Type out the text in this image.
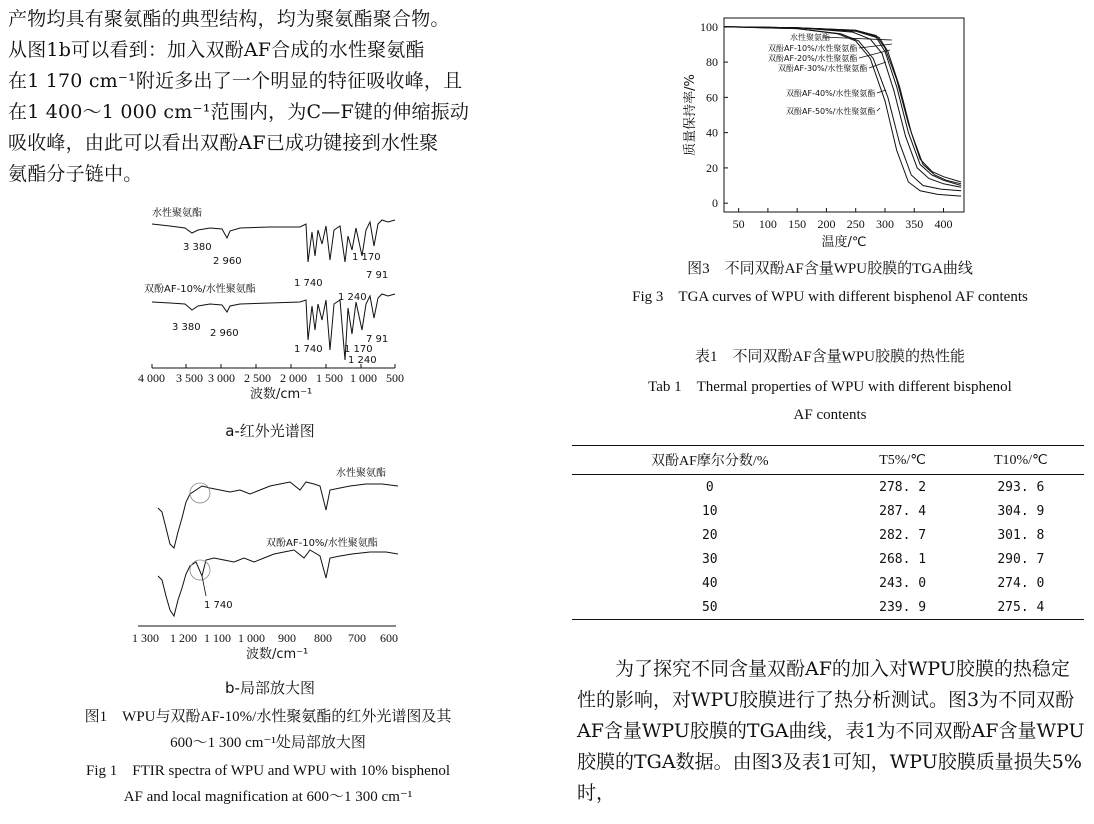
产物均具有聚氨酯的典型结构，均为聚氨酯聚合物。

从图1b可以看到：加入双酚AF合成的水性聚氨酯

在1 170 cm⁻¹附近多出了一个明显的特征吸收峰，且

在1 400～1 000 cm⁻¹范围内，为C—F键的伸缩振动

吸收峰，由此可以看出双酚AF已成功键接到水性聚

氨酯分子链中。

水性聚氨酯
3 380
2 960
1 740
1 240
1 170
7 91
双酚AF-10%/水性聚氨酯
3 380
2 960
1 740 1 170
1 240
7 91
4 000 3 500 3 000 2 500 2 000 1 500 1 000 500
波数/cm⁻¹
a-红外光谱图
水性聚氨酯
双酚AF-10%/水性聚氨酯
1 740
1 300 1 200 1 100 1 000 900 800 700 600
波数/cm⁻¹
b-局部放大图
图1　WPU与双酚AF-10%/水性聚氨酯的红外光谱图及其
600～1 300 cm⁻¹处局部放大图
Fig 1　FTIR spectra of WPU and WPU with 10% bisphenol
AF and local magnification at 600～1 300 cm⁻¹
0
20
40
60
80
100
50 100 150 200 250 300 350 400
温度/℃
质量保持率/%
水性聚氨酯
双酚AF-10%/水性聚氨酯
双酚AF-20%/水性聚氨酯
双酚AF-30%/水性聚氨酯
双酚AF-40%/水性聚氨酯
双酚AF-50%/水性聚氨酯
图3　不同双酚AF含量WPU胶膜的TGA曲线
Fig 3　TGA curves of WPU with different bisphenol AF contents
表1　不同双酚AF含量WPU胶膜的热性能
Tab 1　Thermal properties of WPU with different bisphenol
AF contents
双酚AF摩尔分数/%	T5%/℃	T10%/℃
0	278. 2	293. 6
10	287. 4	304. 9
20	282. 7	301. 8
30	268. 1	290. 7
40	243. 0	274. 0
50	239. 9	275. 4

为了探究不同含量双酚AF的加入对WPU胶膜的热稳定性的影响，对WPU胶膜进行了热分析测试。图3为不同双酚AF含量WPU胶膜的TGA曲线，表1为不同双酚AF含量WPU胶膜的TGA数据。由图3及表1可知，WPU胶膜质量损失5%时，
